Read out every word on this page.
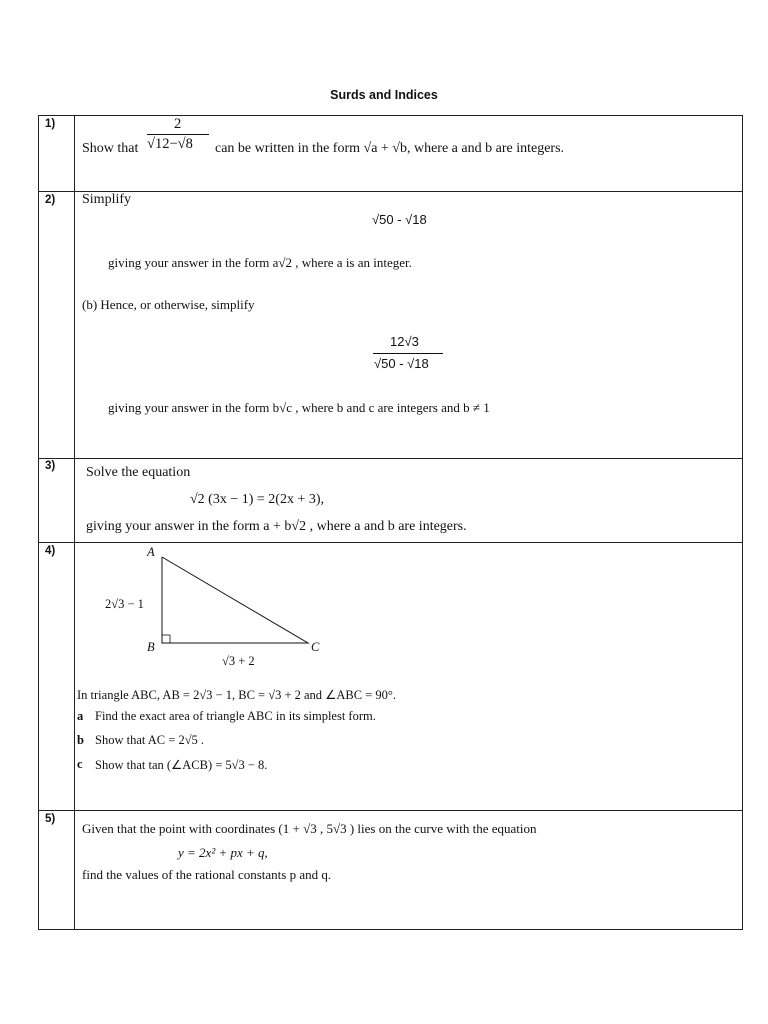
Surds and Indices
1)
Show that
2
√12−√8 can be written in the form √a + √b, where a and b are integers.
2) Simplify
√50 - √18
giving your answer in the form a√2 , where a is an integer.
(b) Hence, or otherwise, simplify
12√3
√50 - √18
giving your answer in the form b√c , where b and c are integers and b ≠ 1
3) Solve the equation
√2 (3x − 1) = 2(2x + 3),
giving your answer in the form a + b√2 , where a and b are integers.
4)	A
B	C
2√3 − 1
√3 + 2
In triangle ABC, AB = 2√3 − 1, BC = √3 + 2 and ∠ABC = 90°.
a Find the exact area of triangle ABC in its simplest form.
b Show that AC = 2√5 .
c Show that tan (∠ACB) = 5√3 − 8.
5)
Given that the point with coordinates (1 + √3 , 5√3 ) lies on the curve with the equation
y = 2x² + px + q,
find the values of the rational constants p and q.
